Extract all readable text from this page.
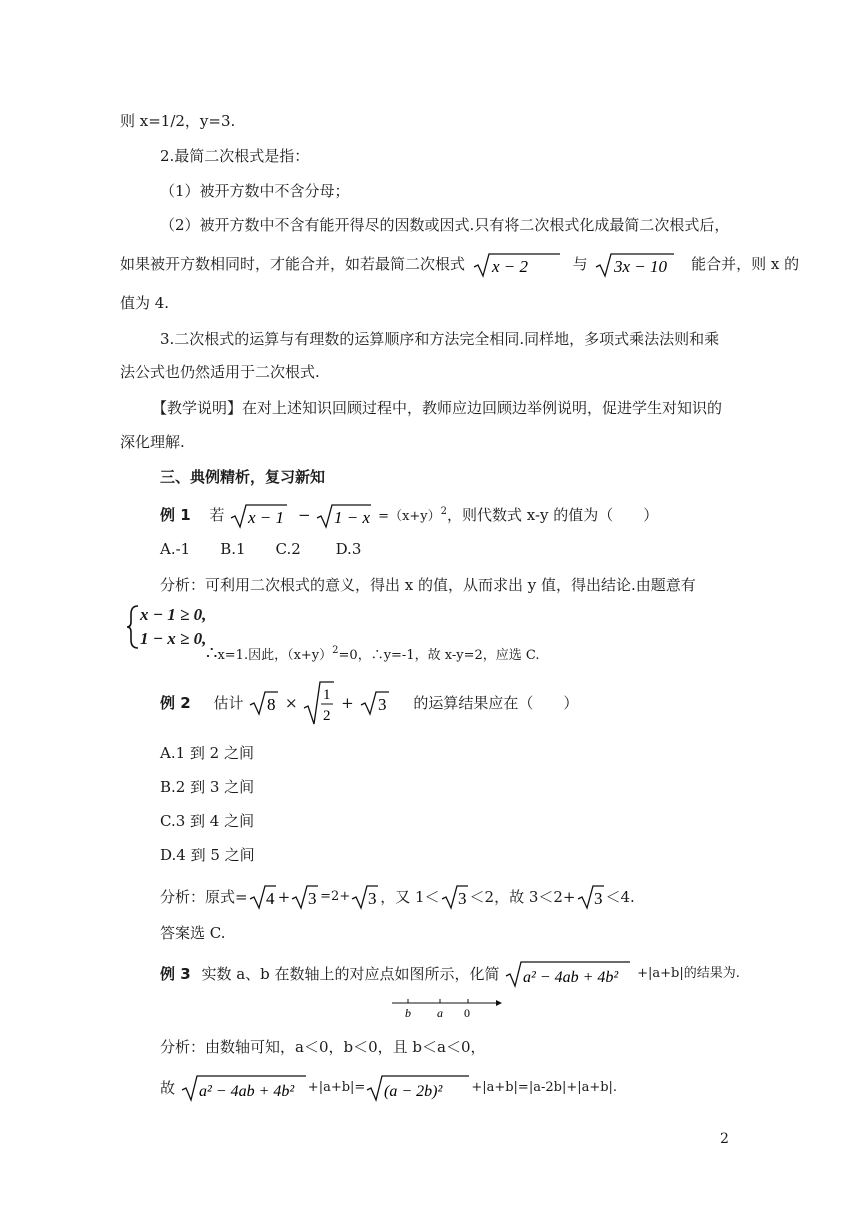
则 x=1/2，y=3.
2.最简二次根式是指：
（1）被开方数中不含分母；
（2）被开方数中不含有能开得尽的因数或因式.只有将二次根式化成最简二次根式后，
如果被开方数相同时，才能合并，如若最简二次根式 x − 2	与 3x − 10 能合并，则 x 的
值为 4.
3.二次根式的运算与有理数的运算顺序和方法完全相同.同样地，多项式乘法法则和乘
法公式也仍然适用于二次根式.
【教学说明】在对上述知识回顾过程中，教师应边回顾边举例说明，促进学生对知识的
深化理解.
三、典例精析，复习新知
例 1 若 $x - 1 - 1 - x =(x+y)^2$，则代数式 x-y 的值为（　　）
A.-1　　B.1　　C.2　　 D.3
分析：可利用二次根式的意义，得出 x 的值，从而求出 y 值，得出结论.由题意有
x − 1 ≥ 0,
1 − x ≥ 0,
∴x=1.因此，$(x+y)^2=0$，∴y=-1，故 x-y=2，应选 C.
例 2 估计 8 × 1
2
+ 3 的运算结果应在（　　）
A.1 到 2 之间
B.2 到 3 之间
C.3 到 4 之间
D.4 到 5 之间
分析：原式= 4 + 3 =2+ 3 ，又 1＜ 3 ＜2，故 3＜2+ 3 ＜4.
答案选 C.
例 3 实数 a、b 在数轴上的对应点如图所示，化简 a² − 4ab + 4b² +|a+b|的结果为.
b a 0
分析：由数轴可知，a＜0，b＜0，且 b＜a＜0，
故 a² − 4ab + 4b² +|a+b|= (a − 2b)² +|a+b|=|a-2b|+|a+b|.
2
